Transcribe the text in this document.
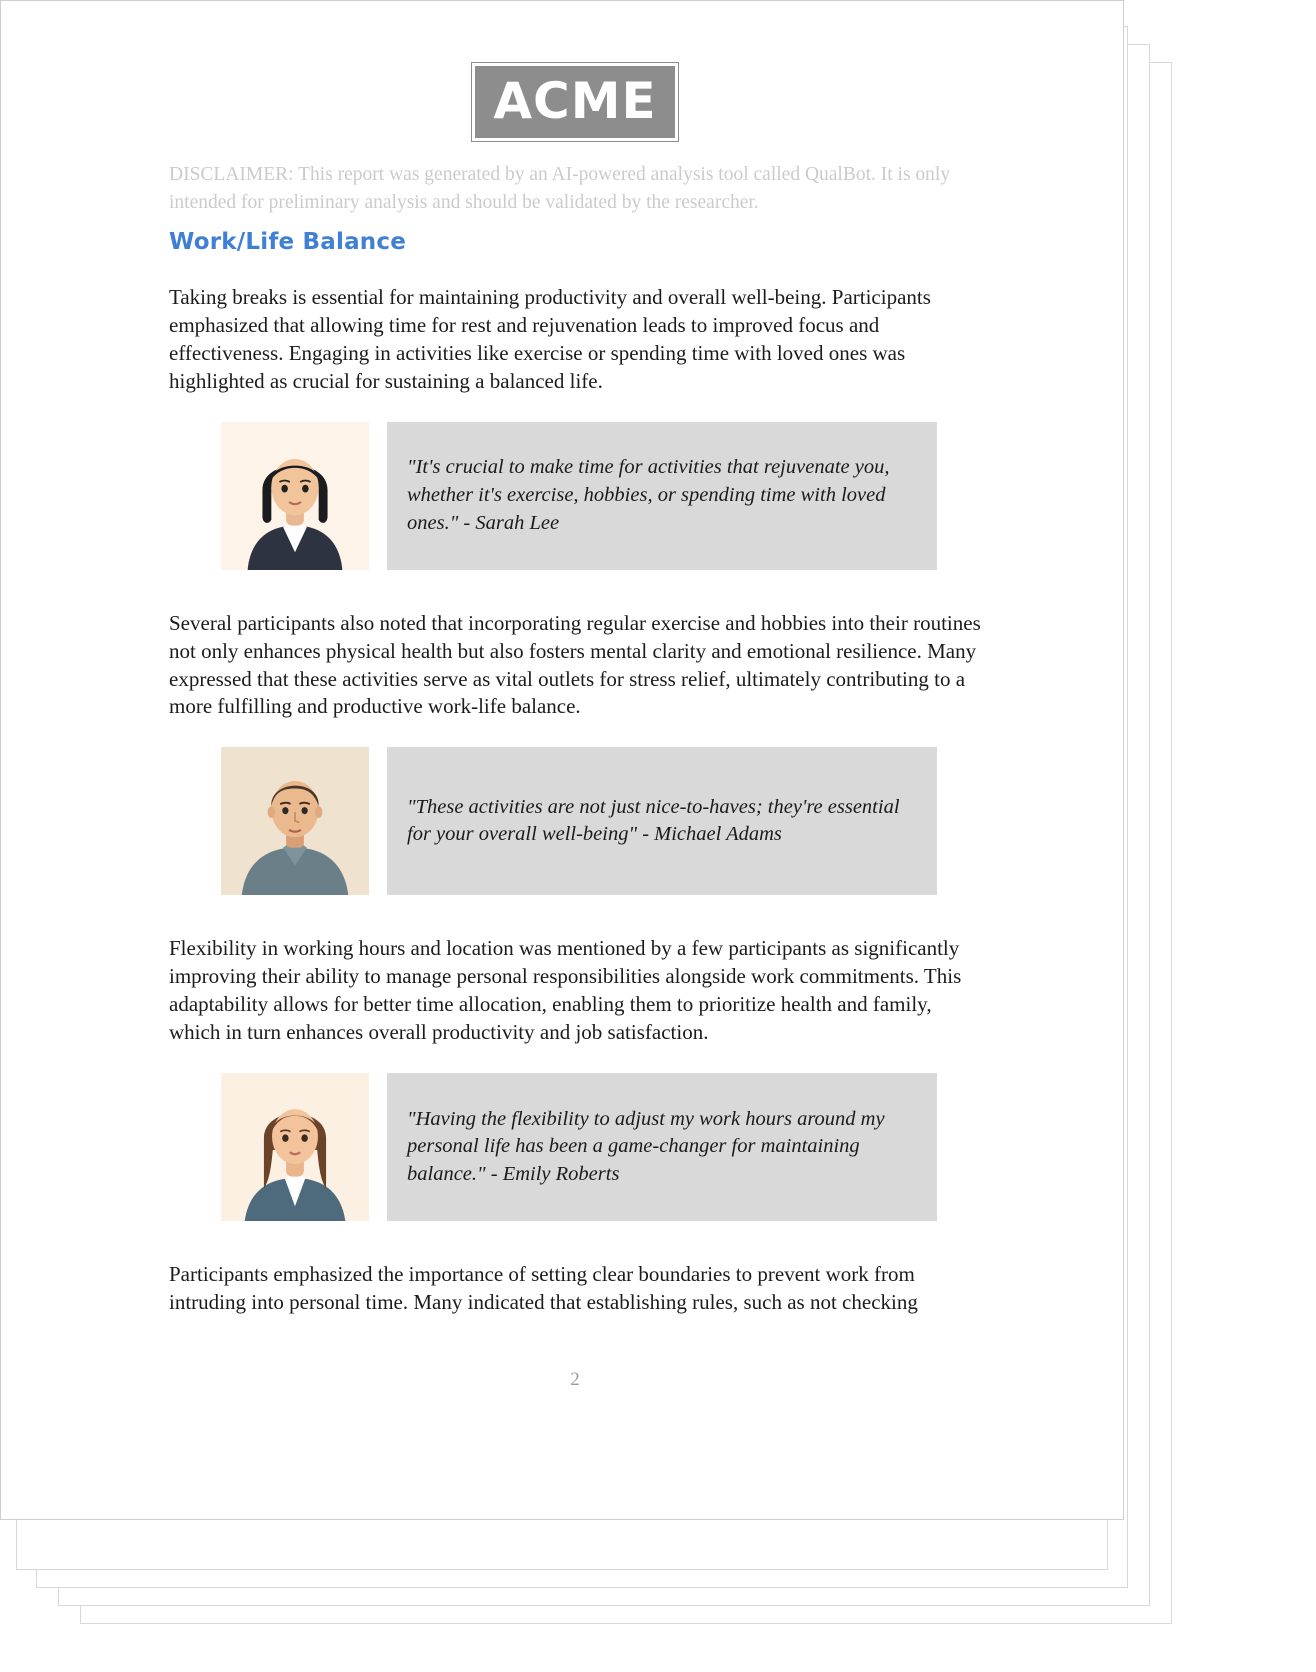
ACME
DISCLAIMER: This report was generated by an AI-powered analysis tool called QualBot. It is only intended for preliminary analysis and should be validated by the researcher.
Work/Life Balance

Taking breaks is essential for maintaining productivity and overall well-being. Participants emphasized that allowing time for rest and rejuvenation leads to improved focus and effectiveness. Engaging in activities like exercise or spending time with loved ones was highlighted as crucial for sustaining a balanced life.

"It's crucial to make time for activities that rejuvenate you, whether it's exercise, hobbies, or spending time with loved ones." - Sarah Lee

Several participants also noted that incorporating regular exercise and hobbies into their routines not only enhances physical health but also fosters mental clarity and emotional resilience. Many expressed that these activities serve as vital outlets for stress relief, ultimately contributing to a more fulfilling and productive work-life balance.

"These activities are not just nice-to-haves; they're essential for your overall well-being" - Michael Adams

Flexibility in working hours and location was mentioned by a few participants as significantly improving their ability to manage personal responsibilities alongside work commitments. This adaptability allows for better time allocation, enabling them to prioritize health and family, which in turn enhances overall productivity and job satisfaction.

"Having the flexibility to adjust my work hours around my personal life has been a game-changer for maintaining balance." - Emily Roberts

Participants emphasized the importance of setting clear boundaries to prevent work from intruding into personal time. Many indicated that establishing rules, such as not checking

2
